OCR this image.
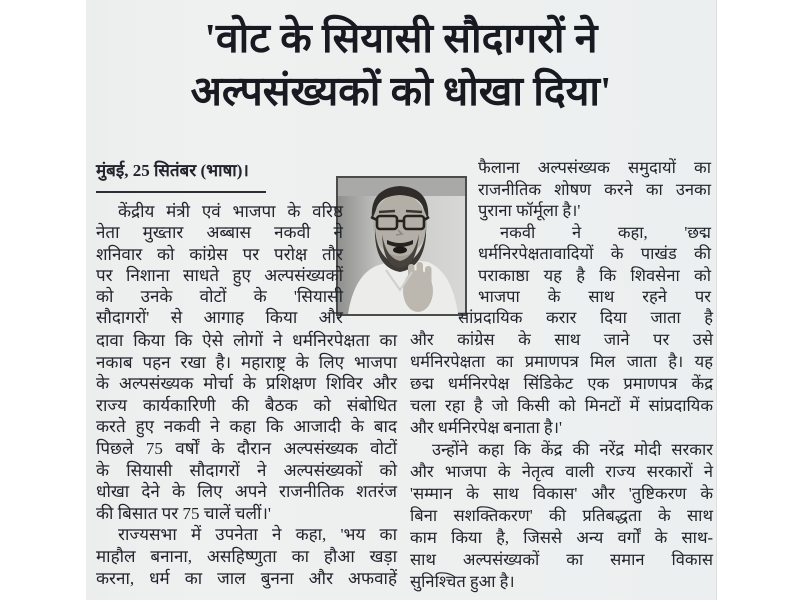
'वोट के सियासी सौदागरों ने
अल्पसंख्यकों को धोखा दिया'
मुंबई, 25 सितंबर (भाषा)।
केंद्रीय मंत्री एवं भाजपा के वरिष्ठ
नेता मुख्तार अब्बास नकवी ने
शनिवार को कांग्रेस पर परोक्ष तौर
पर निशाना साधते हुए अल्पसंख्यकों
को उनके वोटों के 'सियासी
सौदागरों' से आगाह किया और
दावा किया कि ऐसे लोगों ने धर्मनिरपेक्षता का
नकाब पहन रखा है। महाराष्ट्र के लिए भाजपा
के अल्पसंख्यक मोर्चा के प्रशिक्षण शिविर और
राज्य कार्यकारिणी की बैठक को संबोधित
करते हुए नकवी ने कहा कि आजादी के बाद
पिछले 75 वर्षों के दौरान अल्पसंख्यक वोटों
के सियासी सौदागरों ने अल्पसंख्यकों को
धोखा देने के लिए अपने राजनीतिक शतरंज
की बिसात पर 75 चालें चलीं।'
राज्यसभा में उपनेता ने कहा, 'भय का
माहौल बनाना, असहिष्णुता का हौआ खड़ा
करना, धर्म का जाल बुनना और अफवाहें
फैलाना अल्पसंख्यक समुदायों का
राजनीतिक शोषण करने का उनका
पुराना फॉर्मूला है।'
नकवी ने कहा, 'छद्म
धर्मनिरपेक्षतावादियों के पाखंड की
पराकाष्ठा यह है कि शिवसेना को
भाजपा के साथ रहने पर
सांप्रदायिक करार दिया जाता है
और कांग्रेस के साथ जाने पर उसे
धर्मनिरपेक्षता का प्रमाणपत्र मिल जाता है। यह
छद्म धर्मनिरपेक्ष सिंडिकेट एक प्रमाणपत्र केंद्र
चला रहा है जो किसी को मिनटों में सांप्रदायिक
और धर्मनिरपेक्ष बनाता है।'
उन्होंने कहा कि केंद्र की नरेंद्र मोदी सरकार
और भाजपा के नेतृत्व वाली राज्य सरकारों ने
'सम्मान के साथ विकास' और 'तुष्टिकरण के
बिना सशक्तिकरण' की प्रतिबद्धता के साथ
काम किया है, जिससे अन्य वर्गों के साथ-
साथ अल्पसंख्यकों का समान विकास
सुनिश्चित हुआ है।
